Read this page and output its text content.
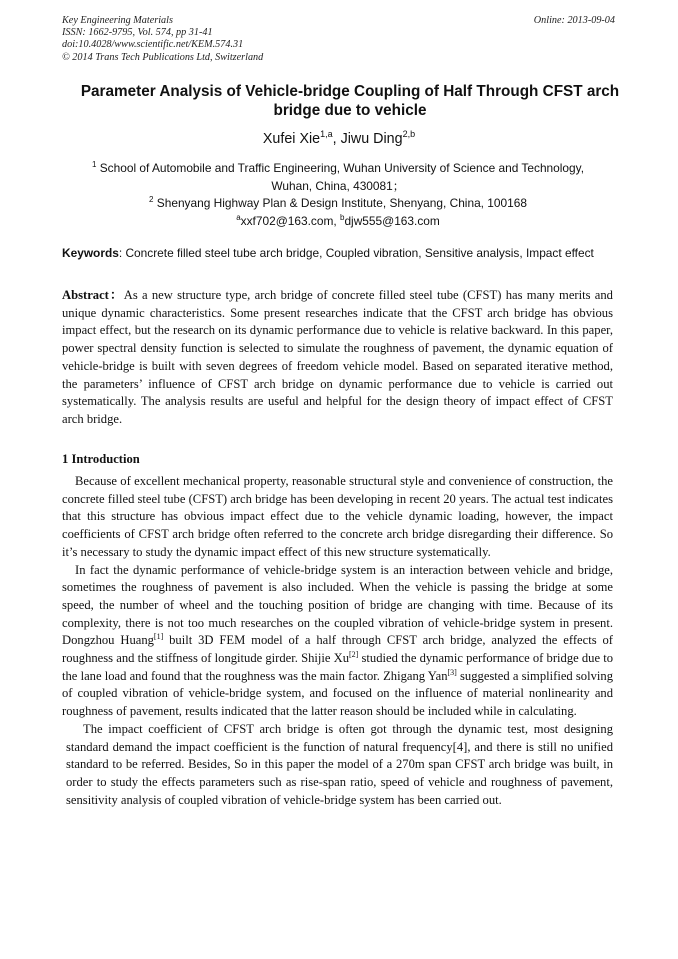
Key Engineering Materials
ISSN: 1662-9795, Vol. 574, pp 31-41
doi:10.4028/www.scientific.net/KEM.574.31
© 2014 Trans Tech Publications Ltd, Switzerland
Online: 2013-09-04
Parameter Analysis of Vehicle-bridge Coupling of Half Through CFST arch bridge due to vehicle
Xufei Xie$^{1,a}$, Jiwu Ding$^{2,b}$
$^1$ School of Automobile and Traffic Engineering, Wuhan University of Science and Technology,
Wuhan, China, 430081；
$^2$ Shenyang Highway Plan & Design Institute, Shenyang, China, 100168
$^a$xxf702@163.com, $^b$djw555@163.com
Keywords: Concrete filled steel tube arch bridge, Coupled vibration, Sensitive analysis, Impact effect
Abstract：As a new structure type, arch bridge of concrete filled steel tube (CFST) has many merits and unique dynamic characteristics. Some present researches indicate that the CFST arch bridge has obvious impact effect, but the research on its dynamic performance due to vehicle is relative backward. In this paper, power spectral density function is selected to simulate the roughness of pavement, the dynamic equation of vehicle-bridge is built with seven degrees of freedom vehicle model. Based on separated iterative method, the parameters’ influence of CFST arch bridge on dynamic performance due to vehicle is carried out systematically. The analysis results are useful and helpful for the design theory of impact effect of CFST arch bridge.
1 Introduction

Because of excellent mechanical property, reasonable structural style and convenience of construction, the concrete filled steel tube (CFST) arch bridge has been developing in recent 20 years. The actual test indicates that this structure has obvious impact effect due to the vehicle dynamic loading, however, the impact coefficients of CFST arch bridge often referred to the concrete arch bridge disregarding their difference. So it’s necessary to study the dynamic impact effect of this new structure systematically.

In fact the dynamic performance of vehicle-bridge system is an interaction between vehicle and bridge, sometimes the roughness of pavement is also included. When the vehicle is passing the bridge at some speed, the number of wheel and the touching position of bridge are changing with time. Because of its complexity, there is not too much researches on the coupled vibration of vehicle-bridge system in present. Dongzhou Huang[1] built 3D FEM model of a half through CFST arch bridge, analyzed the effects of roughness and the stiffness of longitude girder. Shijie Xu[2] studied the dynamic performance of bridge due to the lane load and found that the roughness was the main factor. Zhigang Yan[3] suggested a simplified solving of coupled vibration of vehicle-bridge system, and focused on the influence of material nonlinearity and roughness of pavement, results indicated that the latter reason should be included while in calculating.

The impact coefficient of CFST arch bridge is often got through the dynamic test, most designing standard demand the impact coefficient is the function of natural frequency[4], and there is still no unified standard to be referred. Besides, So in this paper the model of a 270m span CFST arch bridge was built, in order to study the effects parameters such as rise-span ratio, speed of vehicle and roughness of pavement, sensitivity analysis of coupled vibration of vehicle-bridge system has been carried out.
